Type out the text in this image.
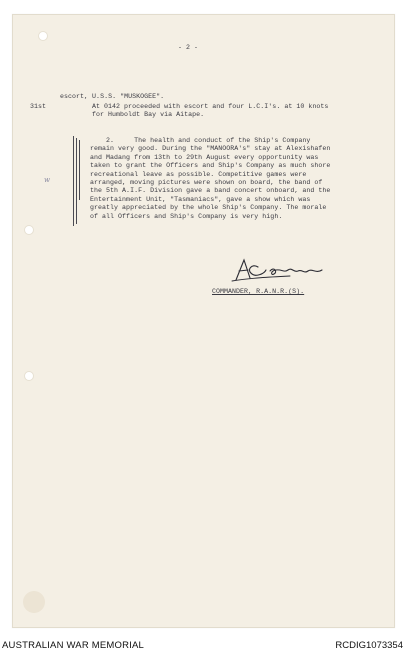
- 2 -
escort, U.S.S. "MUSKOGEE".
31st	At 0142 proceeded with escort and four L.C.I's. at 10 knots
for Humboldt Bay via Aitape.
w
2.     The health and conduct of the Ship's Company
remain very good. During the "MANOORA's" stay at Alexishafen
and Madang from 13th to 29th August every opportunity was
taken to grant the Officers and Ship's Company as much shore
recreational leave as possible. Competitive games were
arranged, moving pictures were shown on board, the band of
the 5th A.I.F. Division gave a band concert onboard, and the
Entertainment Unit, "Tasmaniacs", gave a show which was
greatly appreciated by the whole Ship's Company. The morale
of all Officers and Ship's Company is very high.
COMMANDER, R.A.N.R.(S).
AUSTRALIAN WAR MEMORIAL	RCDIG1073354
